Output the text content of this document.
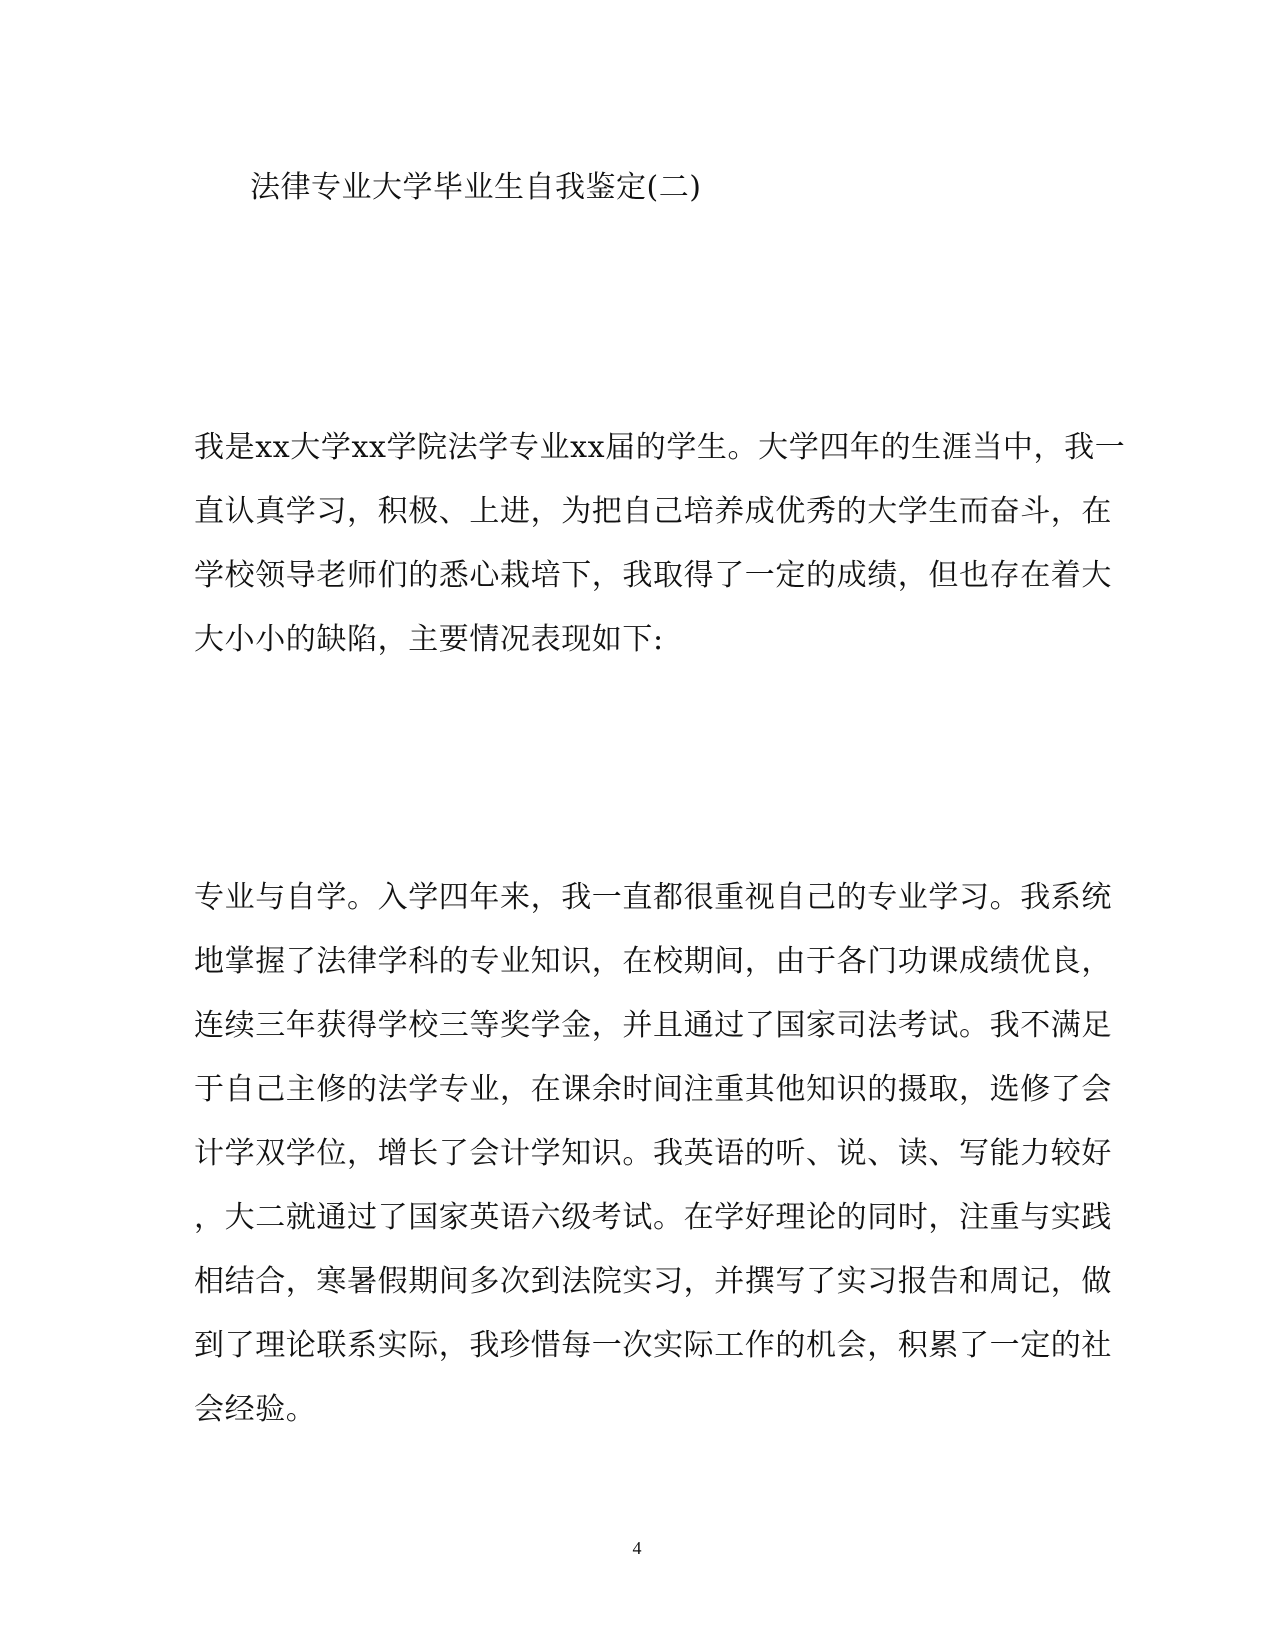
法律专业大学毕业生自我鉴定(二)
我是xx大学xx学院法学专业xx届的学生。大学四年的生涯当中，我一
直认真学习，积极、上进，为把自己培养成优秀的大学生而奋斗，在
学校领导老师们的悉心栽培下，我取得了一定的成绩，但也存在着大
大小小的缺陷，主要情况表现如下:
专业与自学。入学四年来，我一直都很重视自己的专业学习。我系统
地掌握了法律学科的专业知识，在校期间，由于各门功课成绩优良，
连续三年获得学校三等奖学金，并且通过了国家司法考试。我不满足
于自己主修的法学专业，在课余时间注重其他知识的摄取，选修了会
计学双学位，增长了会计学知识。我英语的听、说、读、写能力较好
，大二就通过了国家英语六级考试。在学好理论的同时，注重与实践
相结合，寒暑假期间多次到法院实习，并撰写了实习报告和周记，做
到了理论联系实际，我珍惜每一次实际工作的机会，积累了一定的社
会经验。
4
